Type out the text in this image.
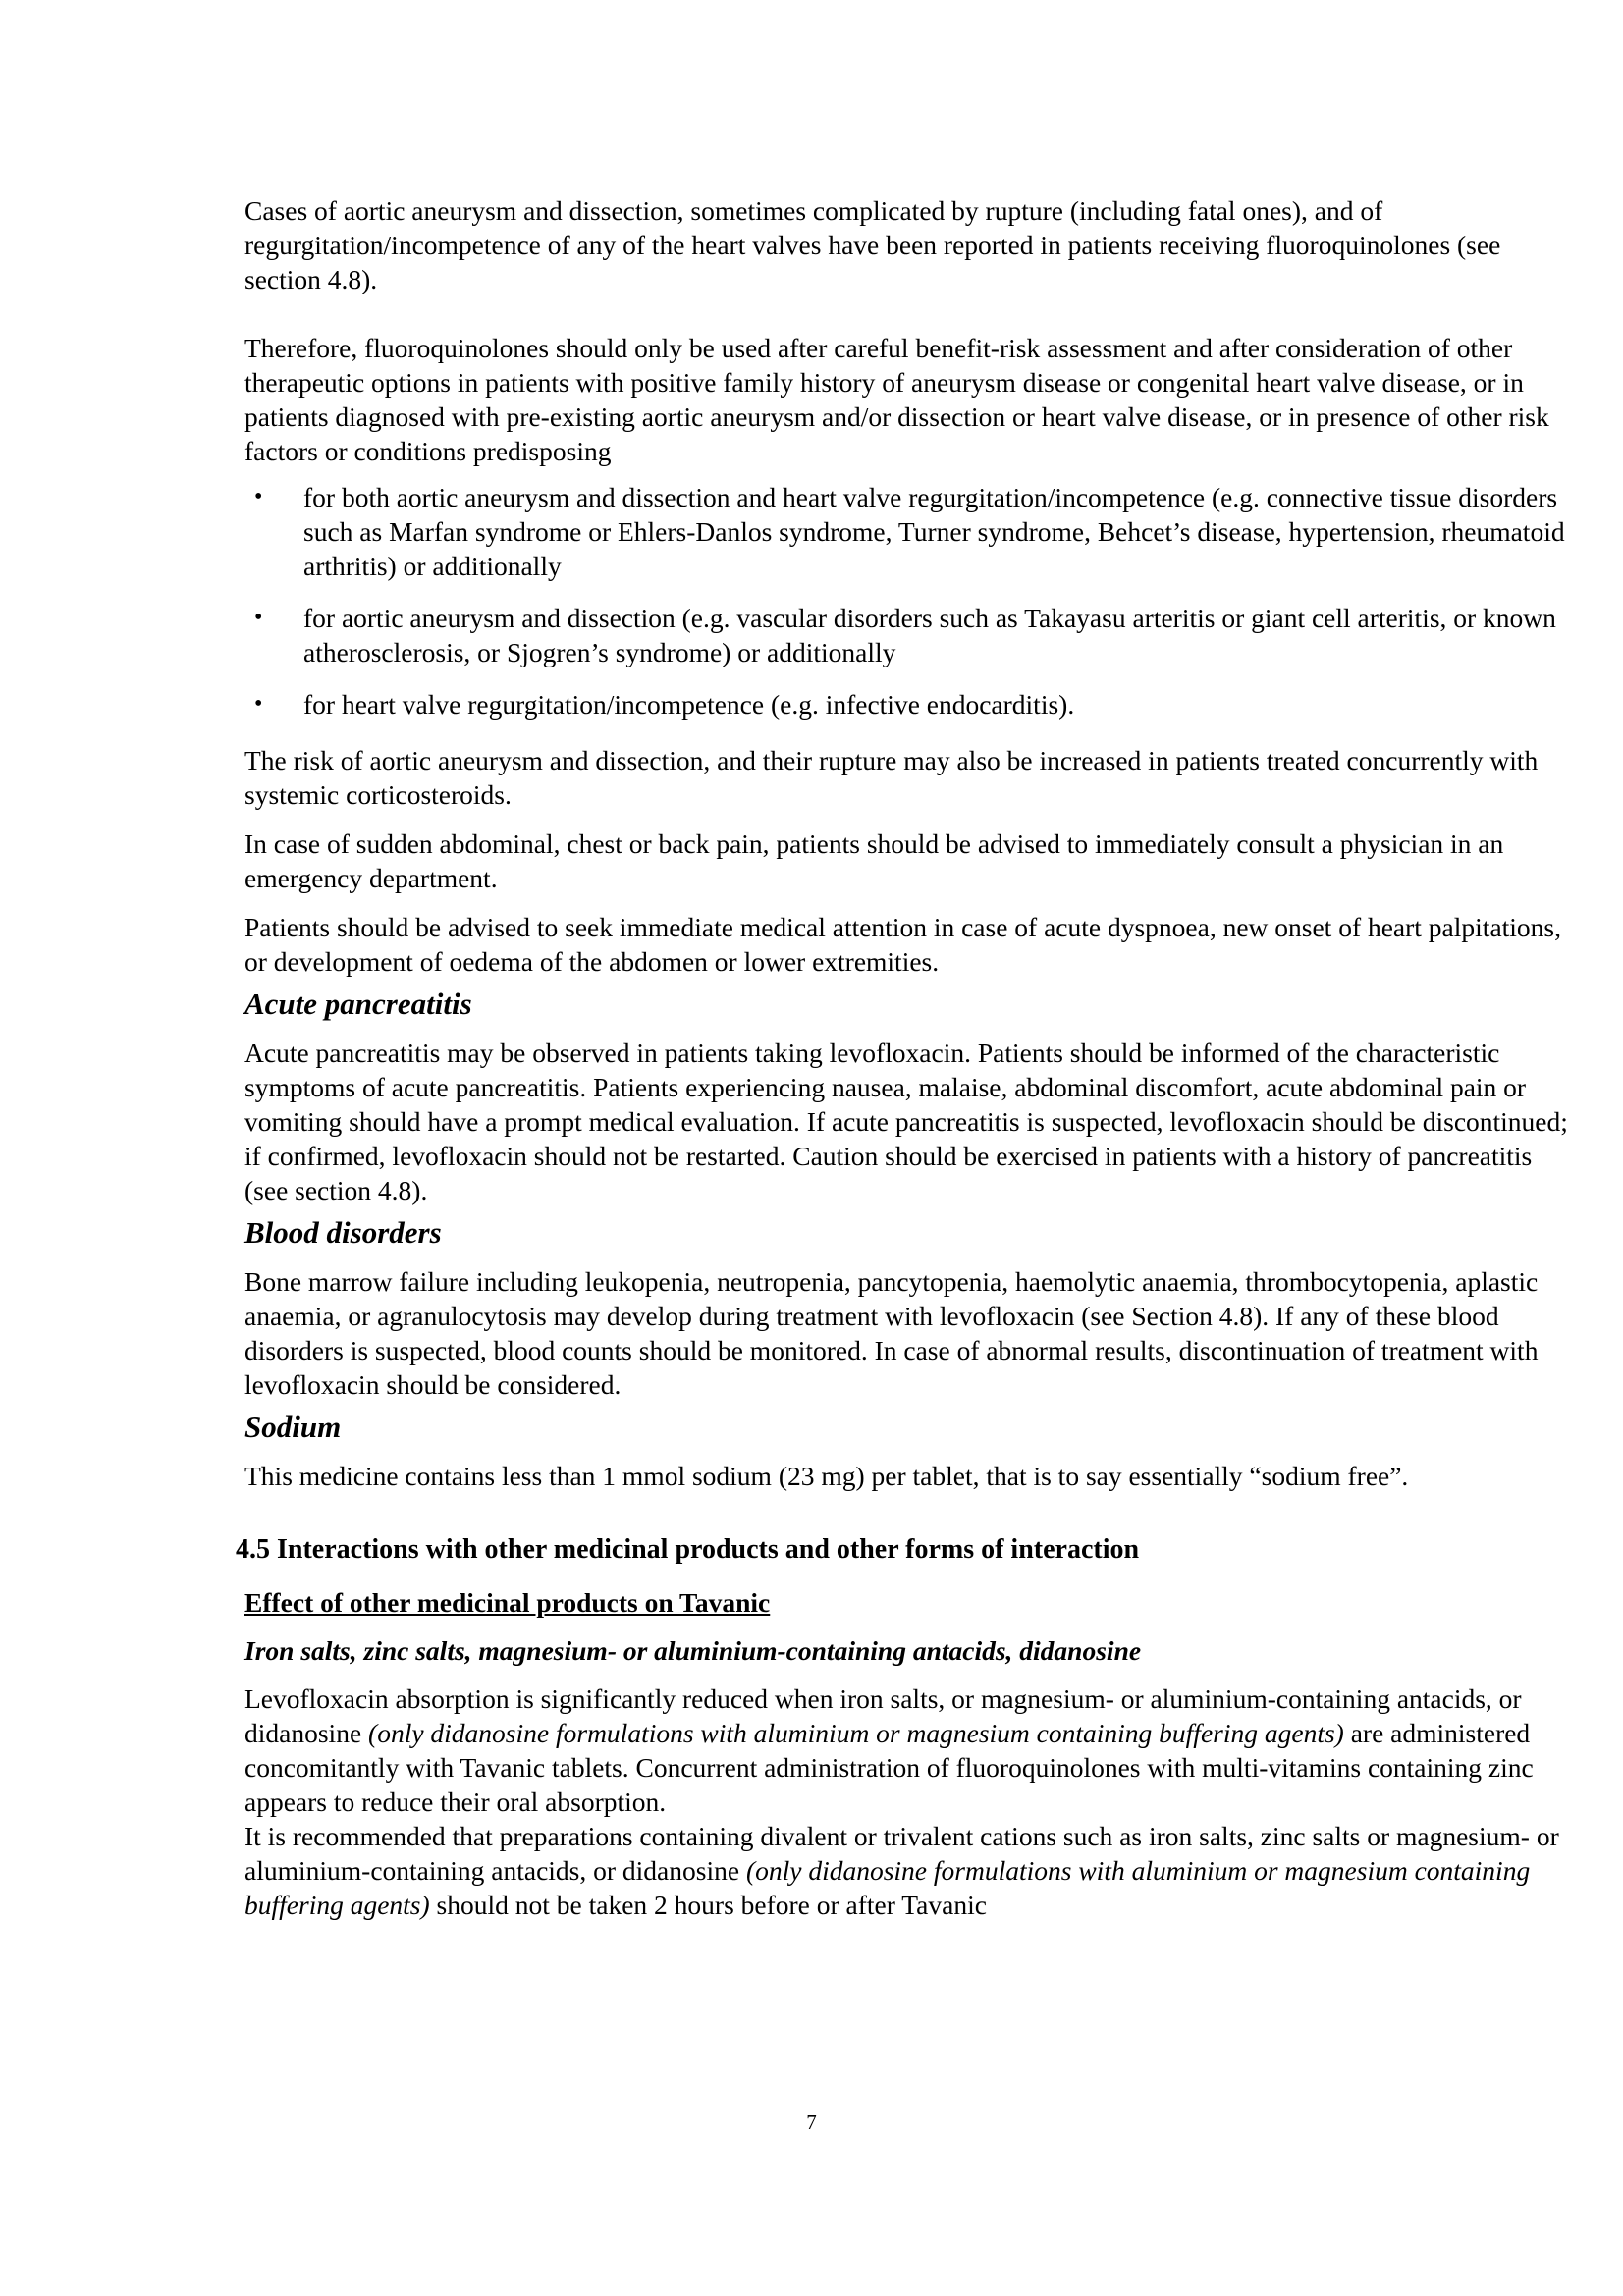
Cases of aortic aneurysm and dissection, sometimes complicated by rupture (including fatal ones), and of regurgitation/incompetence of any of the heart valves have been reported in patients receiving fluoroquinolones (see section 4.8).

Therefore, fluoroquinolones should only be used after careful benefit-risk assessment and after consideration of other therapeutic options in patients with positive family history of aneurysm disease or congenital heart valve disease, or in patients diagnosed with pre-existing aortic aneurysm and/or dissection or heart valve disease, or in presence of other risk factors or conditions predisposing

• for both aortic aneurysm and dissection and heart valve regurgitation/incompetence (e.g. connective tissue disorders such as Marfan syndrome or Ehlers-Danlos syndrome, Turner syndrome, Behcet’s disease, hypertension, rheumatoid arthritis) or additionally
• for aortic aneurysm and dissection (e.g. vascular disorders such as Takayasu arteritis or giant cell arteritis, or known atherosclerosis, or Sjogren’s syndrome) or additionally
• for heart valve regurgitation/incompetence (e.g. infective endocarditis).

The risk of aortic aneurysm and dissection, and their rupture may also be increased in patients treated concurrently with systemic corticosteroids.

In case of sudden abdominal, chest or back pain, patients should be advised to immediately consult a physician in an emergency department.

Patients should be advised to seek immediate medical attention in case of acute dyspnoea, new onset of heart palpitations, or development of oedema of the abdomen or lower extremities.

Acute pancreatitis

Acute pancreatitis may be observed in patients taking levofloxacin. Patients should be informed of the characteristic symptoms of acute pancreatitis. Patients experiencing nausea, malaise, abdominal discomfort, acute abdominal pain or vomiting should have a prompt medical evaluation. If acute pancreatitis is suspected, levofloxacin should be discontinued; if confirmed, levofloxacin should not be restarted. Caution should be exercised in patients with a history of pancreatitis (see section 4.8).

Blood disorders

Bone marrow failure including leukopenia, neutropenia, pancytopenia, haemolytic anaemia, thrombocytopenia, aplastic anaemia, or agranulocytosis may develop during treatment with levofloxacin (see Section 4.8). If any of these blood disorders is suspected, blood counts should be monitored. In case of abnormal results, discontinuation of treatment with levofloxacin should be considered.

Sodium

This medicine contains less than 1 mmol sodium (23 mg) per tablet, that is to say essentially “sodium free”.

4.5 Interactions with other medicinal products and other forms of interaction

Effect of other medicinal products on Tavanic

Iron salts, zinc salts, magnesium- or aluminium-containing antacids, didanosine

Levofloxacin absorption is significantly reduced when iron salts, or magnesium- or aluminium-containing antacids, or didanosine (only didanosine formulations with aluminium or magnesium containing buffering agents) are administered concomitantly with Tavanic tablets. Concurrent administration of fluoroquinolones with multi-vitamins containing zinc appears to reduce their oral absorption.

It is recommended that preparations containing divalent or trivalent cations such as iron salts, zinc salts or magnesium- or aluminium-containing antacids, or didanosine (only didanosine formulations with aluminium or magnesium containing buffering agents) should not be taken 2 hours before or after Tavanic

7
